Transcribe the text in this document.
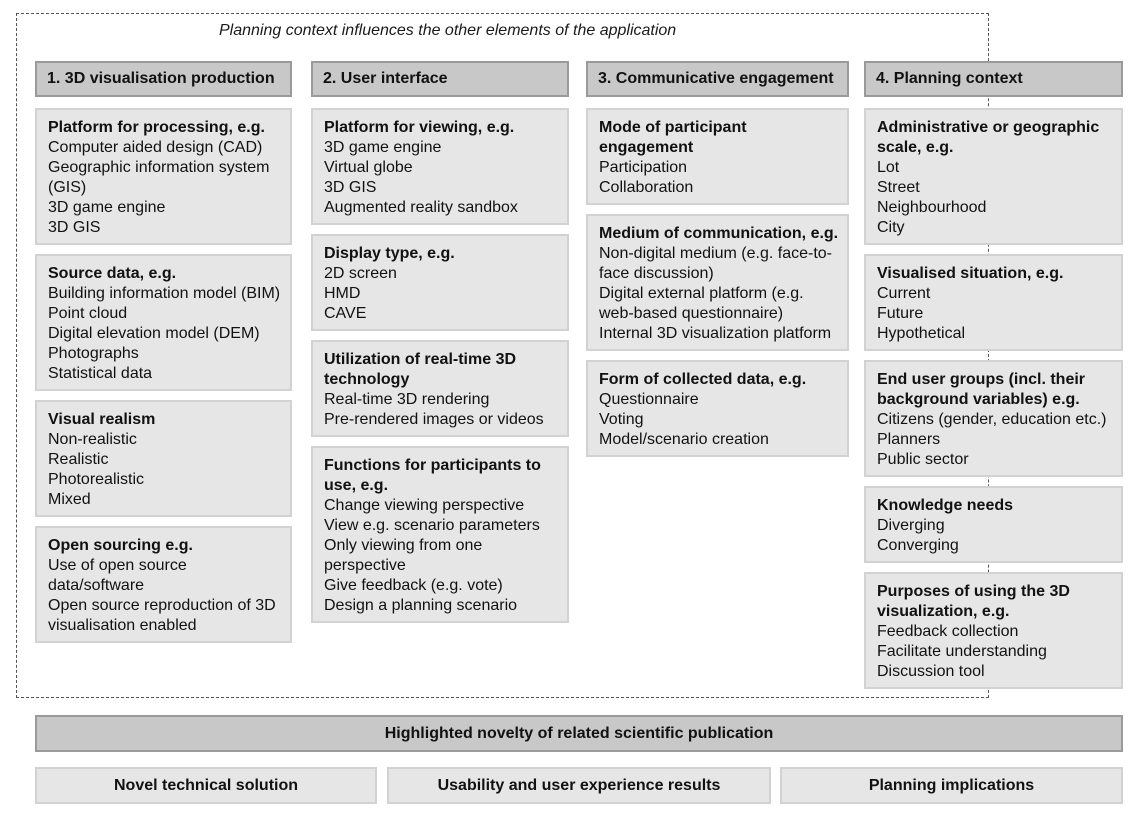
Planning context influences the other elements of the application
1. 3D visualisation production	2. User interface	3. Communicative engagement	4. Planning context
Platform for processing, e.g.
Computer aided design (CAD)
Geographic information system (GIS)
3D game engine
3D GIS
Source data, e.g.
Building information model (BIM)
Point cloud
Digital elevation model (DEM)
Photographs
Statistical data
Visual realism
Non-realistic
Realistic
Photorealistic
Mixed
Open sourcing e.g.
Use of open source data/software
Open source reproduction of 3D visualisation enabled
Platform for viewing, e.g.
3D game engine
Virtual globe
3D GIS
Augmented reality sandbox
Display type, e.g.
2D screen
HMD
CAVE
Utilization of real-time 3D technology
Real-time 3D rendering
Pre-rendered images or videos
Functions for participants to use, e.g.
Change viewing perspective
View e.g. scenario parameters
Only viewing from one perspective
Give feedback (e.g. vote)
Design a planning scenario
Mode of participant engagement
Participation
Collaboration
Medium of communication, e.g.
Non-digital medium (e.g. face-to-face discussion)
Digital external platform (e.g. web-based questionnaire)
Internal 3D visualization platform
Form of collected data, e.g.
Questionnaire
Voting
Model/scenario creation
Administrative or geographic scale, e.g.
Lot
Street
Neighbourhood
City
Visualised situation, e.g.
Current
Future
Hypothetical
End user groups (incl. their background variables) e.g.
Citizens (gender, education etc.)
Planners
Public sector
Knowledge needs
Diverging
Converging
Purposes of using the 3D visualization, e.g.
Feedback collection
Facilitate understanding
Discussion tool
Highlighted novelty of related scientific publication
Novel technical solution	Usability and user experience results	Planning implications
